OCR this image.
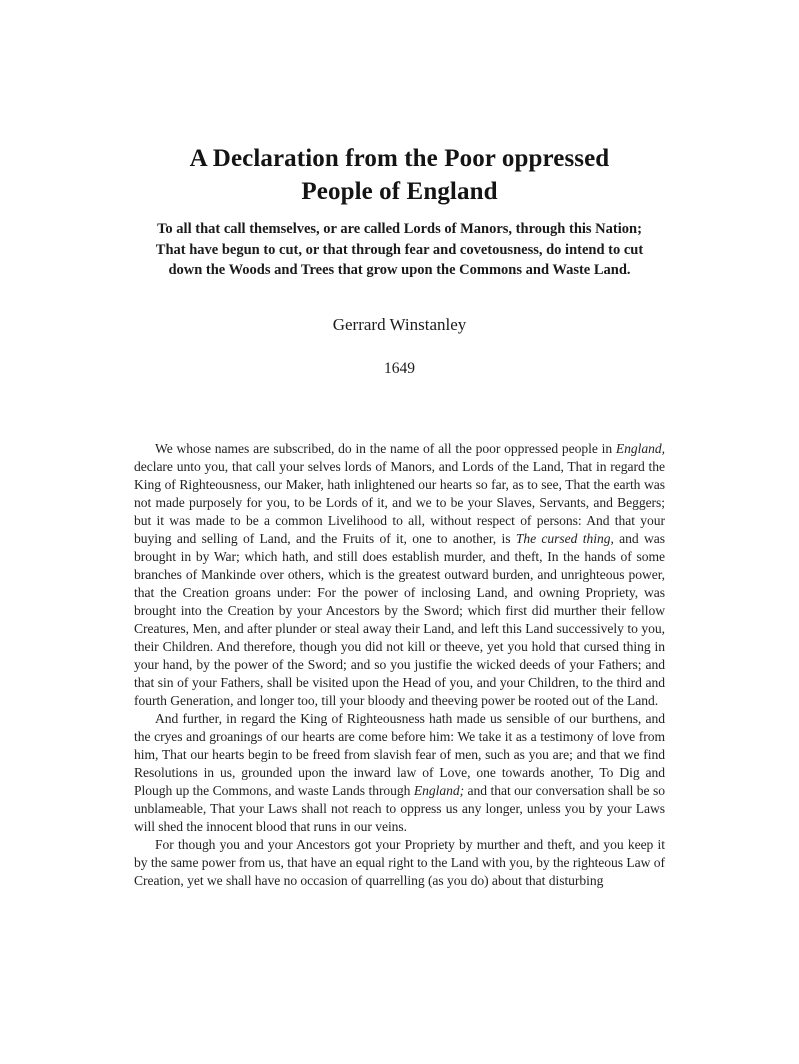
A Declaration from the Poor oppressed
People of England
To all that call themselves, or are called Lords of Manors, through this Nation;
That have begun to cut, or that through fear and covetousness, do intend to cut
down the Woods and Trees that grow upon the Commons and Waste Land.
Gerrard Winstanley
1649

We whose names are subscribed, do in the name of all the poor oppressed people in England, declare unto you, that call your selves lords of Manors, and Lords of the Land, That in regard the King of Righteousness, our Maker, hath inlightened our hearts so far, as to see, That the earth was not made purposely for you, to be Lords of it, and we to be your Slaves, Servants, and Beggers; but it was made to be a common Livelihood to all, without respect of persons: And that your buying and selling of Land, and the Fruits of it, one to another, is The cursed thing, and was brought in by War; which hath, and still does establish murder, and theft, In the hands of some branches of Mankinde over others, which is the greatest outward burden, and unrighteous power, that the Creation groans under: For the power of inclosing Land, and owning Propriety, was brought into the Creation by your Ancestors by the Sword; which first did murther their fellow Creatures, Men, and after plunder or steal away their Land, and left this Land successively to you, their Children. And therefore, though you did not kill or theeve, yet you hold that cursed thing in your hand, by the power of the Sword; and so you justifie the wicked deeds of your Fathers; and that sin of your Fathers, shall be visited upon the Head of you, and your Children, to the third and fourth Generation, and longer too, till your bloody and theeving power be rooted out of the Land.

And further, in regard the King of Righteousness hath made us sensible of our burthens, and the cryes and groanings of our hearts are come before him: We take it as a testimony of love from him, That our hearts begin to be freed from slavish fear of men, such as you are; and that we find Resolutions in us, grounded upon the inward law of Love, one towards another, To Dig and Plough up the Commons, and waste Lands through England; and that our conversation shall be so unblameable, That your Laws shall not reach to oppress us any longer, unless you by your Laws will shed the innocent blood that runs in our veins.

For though you and your Ancestors got your Propriety by murther and theft, and you keep it by the same power from us, that have an equal right to the Land with you, by the righteous Law of Creation, yet we shall have no occasion of quarrelling (as you do) about that disturbing
